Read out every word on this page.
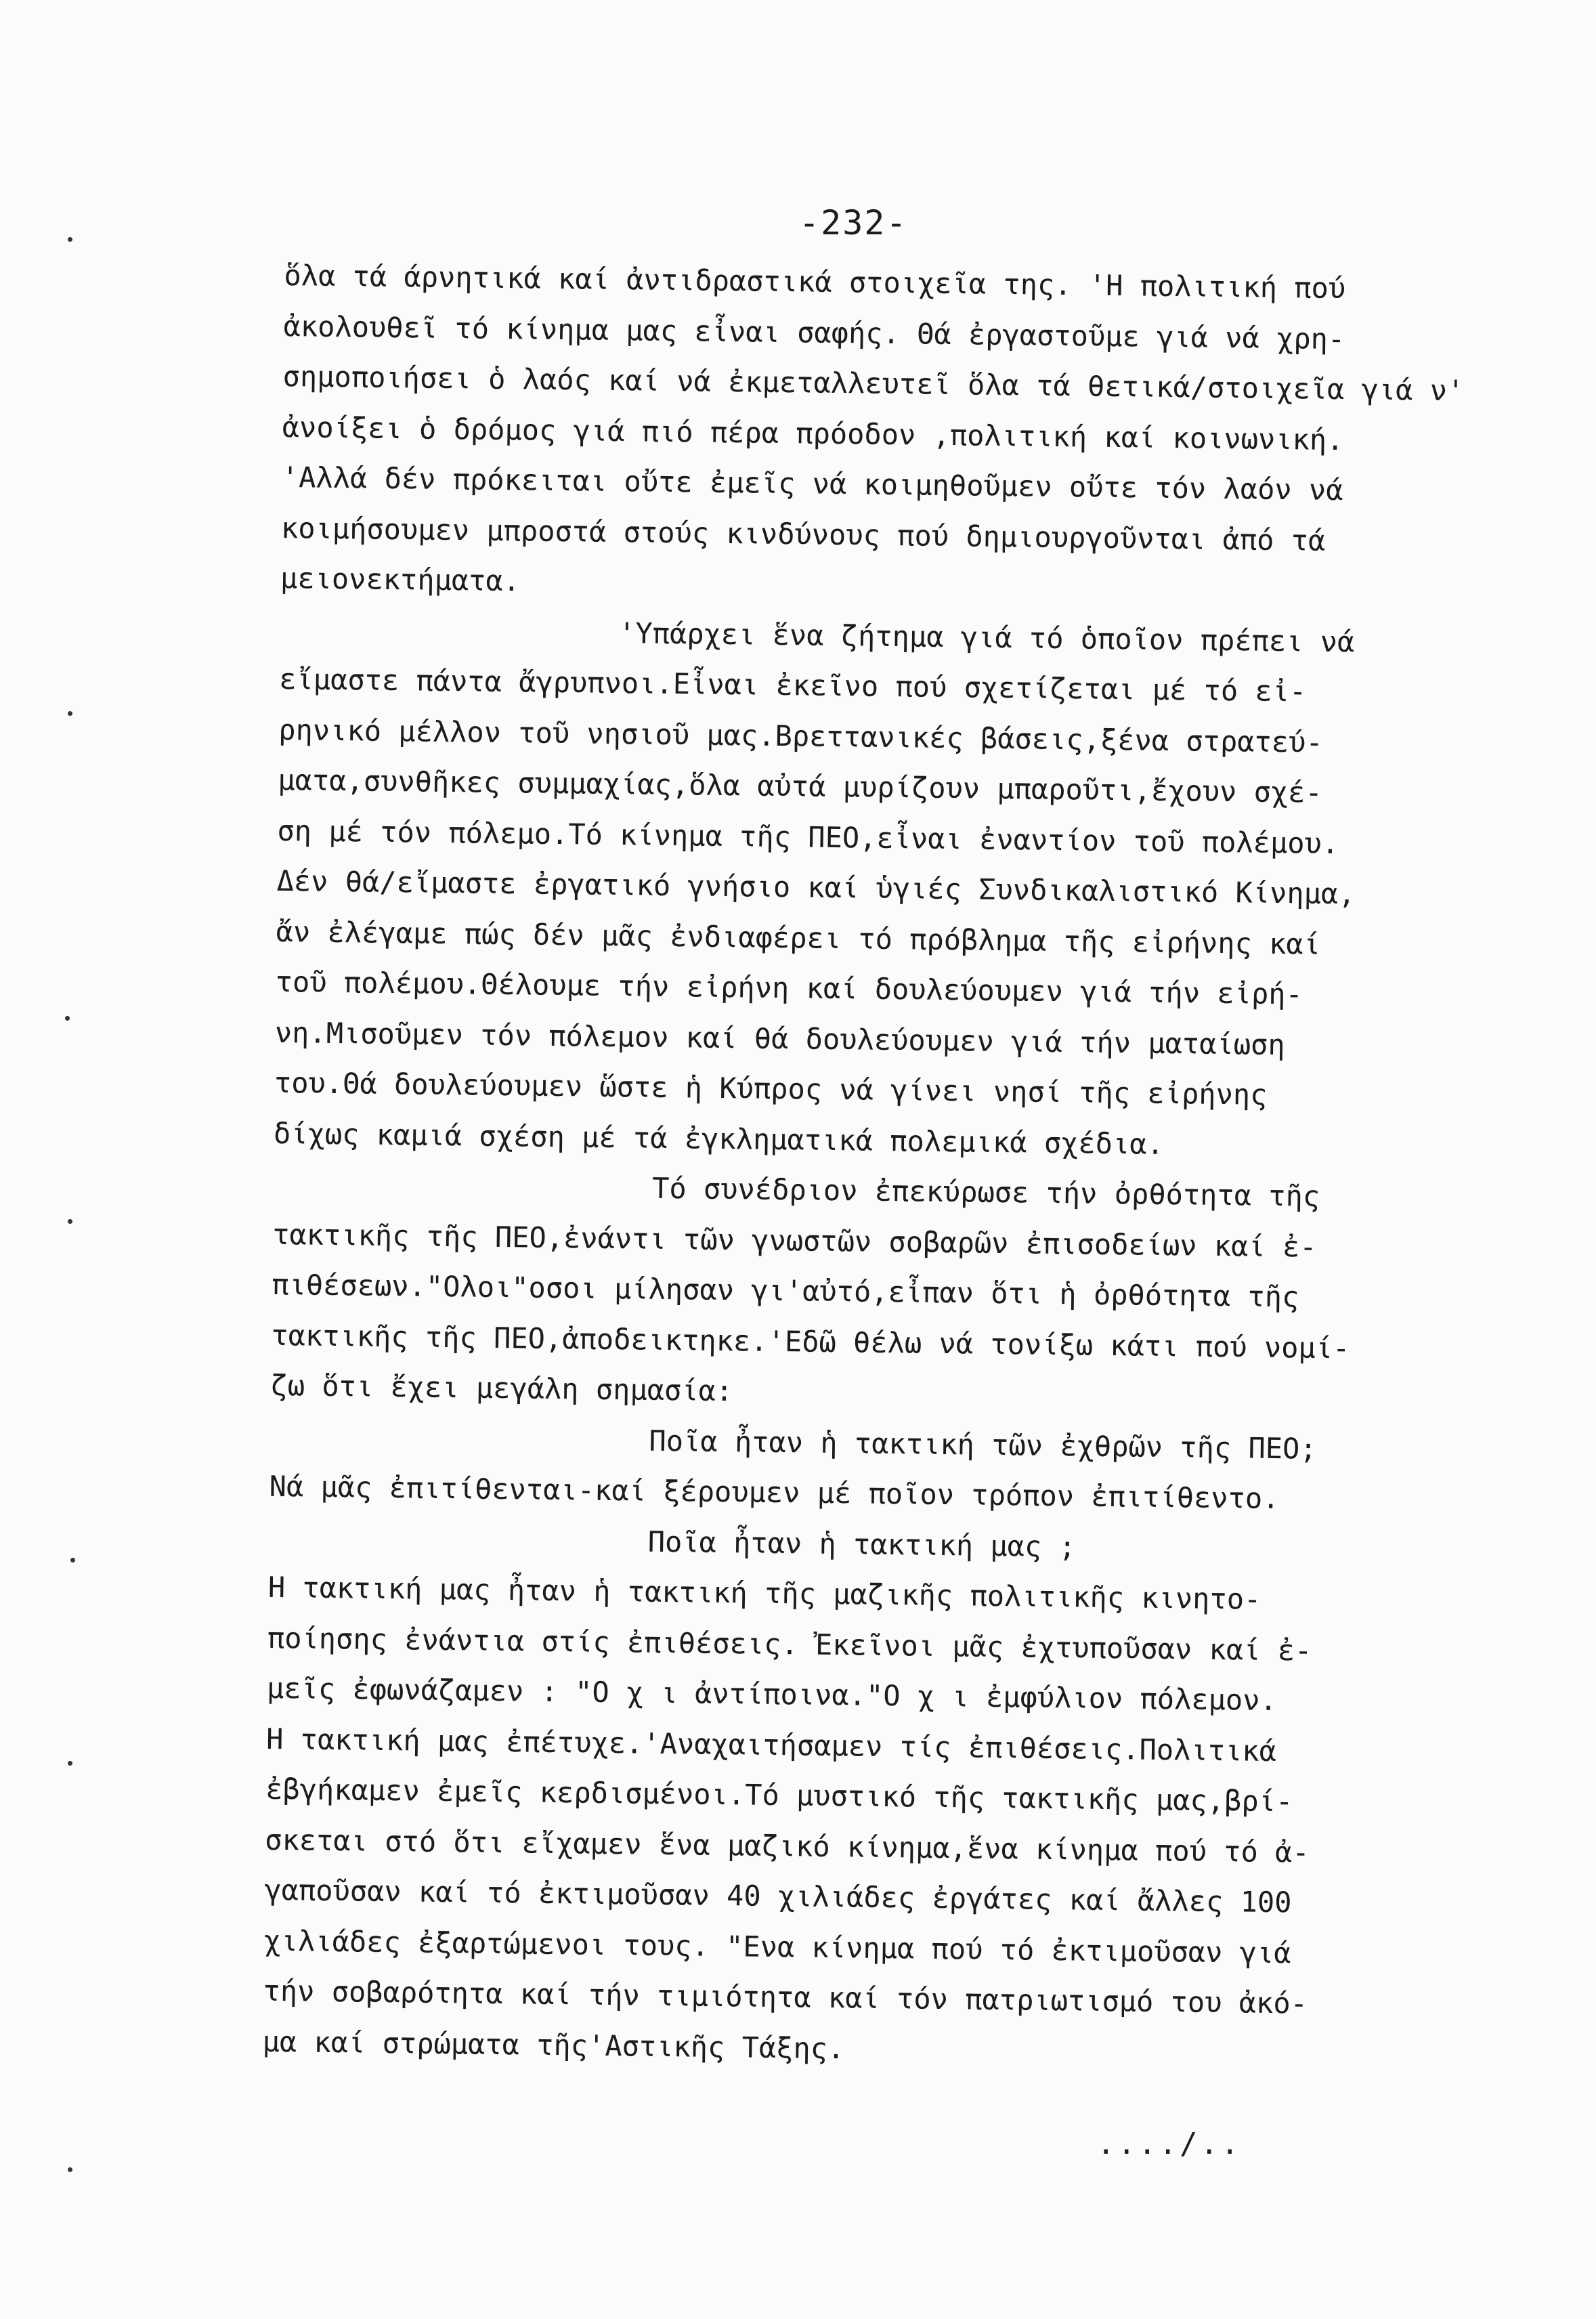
-232-
ὅλα τά άρνητικά καί ἀντιδραστικά στοιχεῖα της. 'Η πολιτική πού
ἀκολουθεῖ τό κίνημα μας εἶναι σαφής. Θά ἐργαστοῦμε γιά νά χρη-
σημοποιήσει ὁ λαός καί νά ἐκμεταλλευτεῖ ὅλα τά θετικά/στοιχεῖα γιά ν'
ἀνοίξει ὁ δρόμος γιά πιό πέρα πρόοδον ,πολιτική καί κοινωνική.
'Αλλά δέν πρόκειται οὔτε ἐμεῖς νά κοιμηθοῦμεν οὔτε τόν λαόν νά
κοιμήσουμεν μπροστά στούς κινδύνους πού δημιουργοῦνται ἀπό τά
μειονεκτήματα.
'Υπάρχει ἕνα ζήτημα γιά τό ὁποῖον πρέπει νά
εἴμαστε πάντα ἄγρυπνοι.Εἶναι ἐκεῖνο πού σχετίζεται μέ τό εἰ-
ρηνικό μέλλον τοῦ νησιοῦ μας.Βρεττανικές βάσεις,ξένα στρατεύ-
ματα,συνθῆκες συμμαχίας,ὅλα αὐτά μυρίζουν μπαροῦτι,ἔχουν σχέ-
ση μέ τόν πόλεμο.Τό κίνημα τῆς ΠΕΟ,εἶναι ἐναντίον τοῦ πολέμου.
Δέν θά/εἴμαστε ἐργατικό γνήσιο καί ὑγιές Συνδικαλιστικό Κίνημα,
ἄν ἐλέγαμε πώς δέν μᾶς ἐνδιαφέρει τό πρόβλημα τῆς εἰρήνης καί
τοῦ πολέμου.Θέλουμε τήν εἰρήνη καί δουλεύουμεν γιά τήν εἰρή-
νη.Μισοῦμεν τόν πόλεμον καί θά δουλεύουμεν γιά τήν ματαίωση
του.Θά δουλεύουμεν ὥστε ἡ Κύπρος νά γίνει νησί τῆς εἰρήνης
δίχως καμιά σχέση μέ τά ἐγκληματικά πολεμικά σχέδια.
Τό συνέδριον ἐπεκύρωσε τήν ὀρθότητα τῆς
τακτικῆς τῆς ΠΕΟ,ἐνάντι τῶν γνωστῶν σοβαρῶν ἐπισοδείων καί ἐ-
πιθέσεων."Ολοι"οσοι μίλησαν γι'αὐτό,εἶπαν ὅτι ἡ ὀρθότητα τῆς
τακτικῆς τῆς ΠΕΟ,ἀποδεικτηκε.'Εδῶ θέλω νά τονίξω κάτι πού νομί-
ζω ὅτι ἔχει μεγάλη σημασία:
Ποῖα ἦταν ἡ τακτική τῶν ἐχθρῶν τῆς ΠΕΟ;
Νά μᾶς ἐπιτίθενται-καί ξέρουμεν μέ ποῖον τρόπον ἐπιτίθεντο.
Ποῖα ἦταν ἡ τακτική μας ;
Η τακτική μας ἦταν ἡ τακτική τῆς μαζικῆς πολιτικῆς κινητο-
ποίησης ἐνάντια στίς ἐπιθέσεις. Ἐκεῖνοι μᾶς ἐχτυποῦσαν καί ἐ-
μεῖς ἐφωνάζαμεν : "Ο χ ι ἀντίποινα."Ο χ ι ἐμφύλιον πόλεμον.
Η τακτική μας ἐπέτυχε.'Αναχαιτήσαμεν τίς ἐπιθέσεις.Πολιτικά
ἐβγήκαμεν ἐμεῖς κερδισμένοι.Τό μυστικό τῆς τακτικῆς μας,βρί-
σκεται στό ὅτι εἴχαμεν ἕνα μαζικό κίνημα,ἕνα κίνημα πού τό ἀ-
γαποῦσαν καί τό ἐκτιμοῦσαν 40 χιλιάδες ἐργάτες καί ἄλλες 100
χιλιάδες ἐξαρτώμενοι τους. "Ενα κίνημα πού τό ἐκτιμοῦσαν γιά
τήν σοβαρότητα καί τήν τιμιότητα καί τόν πατριωτισμό του ἀκό-
μα καί στρώματα τῆς'Αστικῆς Τάξης.
..../..
